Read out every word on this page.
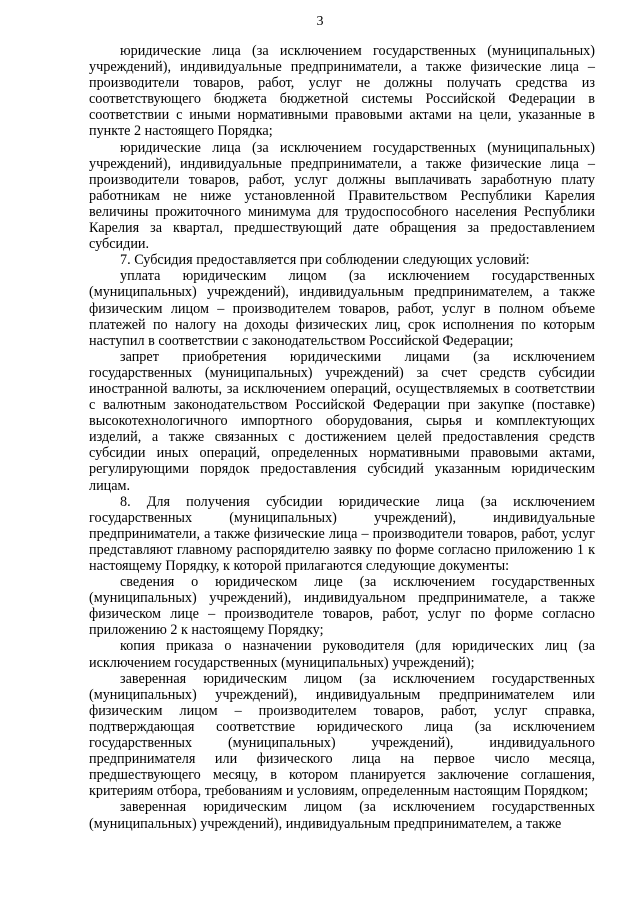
3

юридические лица (за исключением государственных (муниципальных) учреждений), индивидуальные предприниматели, а также физические лица – производители товаров, работ, услуг не должны получать средства из соответствующего бюджета бюджетной системы Российской Федерации в соответствии с иными нормативными правовыми актами на цели, указанные в пункте 2 настоящего Порядка;

юридические лица (за исключением государственных (муниципальных) учреждений), индивидуальные предприниматели, а также физические лица – производители товаров, работ, услуг должны выплачивать заработную плату работникам не ниже установленной Правительством Республики Карелия величины прожиточного минимума для трудоспособного населения Республики Карелия за квартал, предшествующий дате обращения за предоставлением субсидии.

7. Субсидия предоставляется при соблюдении следующих условий:

уплата юридическим лицом (за исключением государственных (муниципальных) учреждений), индивидуальным предпринимателем, а также физическим лицом – производителем товаров, работ, услуг в полном объеме платежей по налогу на доходы физических лиц, срок исполнения по которым наступил в соответствии с законодательством Российской Федерации;

запрет приобретения юридическими лицами (за исключением государственных (муниципальных) учреждений) за счет средств субсидии иностранной валюты, за исключением операций, осуществляемых в соответствии с валютным законодательством Российской Федерации при закупке (поставке) высокотехнологичного импортного оборудования, сырья и комплектующих изделий, а также связанных с достижением целей предоставления средств субсидии иных операций, определенных нормативными правовыми актами, регулирующими порядок предоставления субсидий указанным юридическим лицам.

8. Для получения субсидии юридические лица (за исключением государственных (муниципальных) учреждений), индивидуальные предприниматели, а также физические лица – производители товаров, работ, услуг представляют главному распорядителю заявку по форме согласно приложению 1 к настоящему Порядку, к которой прилагаются следующие документы:

сведения о юридическом лице (за исключением государственных (муниципальных) учреждений), индивидуальном предпринимателе, а также физическом лице – производителе товаров, работ, услуг по форме согласно приложению 2 к настоящему Порядку;

копия приказа о назначении руководителя (для юридических лиц (за исключением государственных (муниципальных) учреждений);

заверенная юридическим лицом (за исключением государственных (муниципальных) учреждений), индивидуальным предпринимателем или физическим лицом – производителем товаров, работ, услуг справка, подтверждающая соответствие юридического лица (за исключением государственных (муниципальных) учреждений), индивидуального предпринимателя или физического лица на первое число месяца, предшествующего месяцу, в котором планируется заключение соглашения, критериям отбора, требованиям и условиям, определенным настоящим Порядком;

заверенная юридическим лицом (за исключением государственных (муниципальных) учреждений), индивидуальным предпринимателем, а также
